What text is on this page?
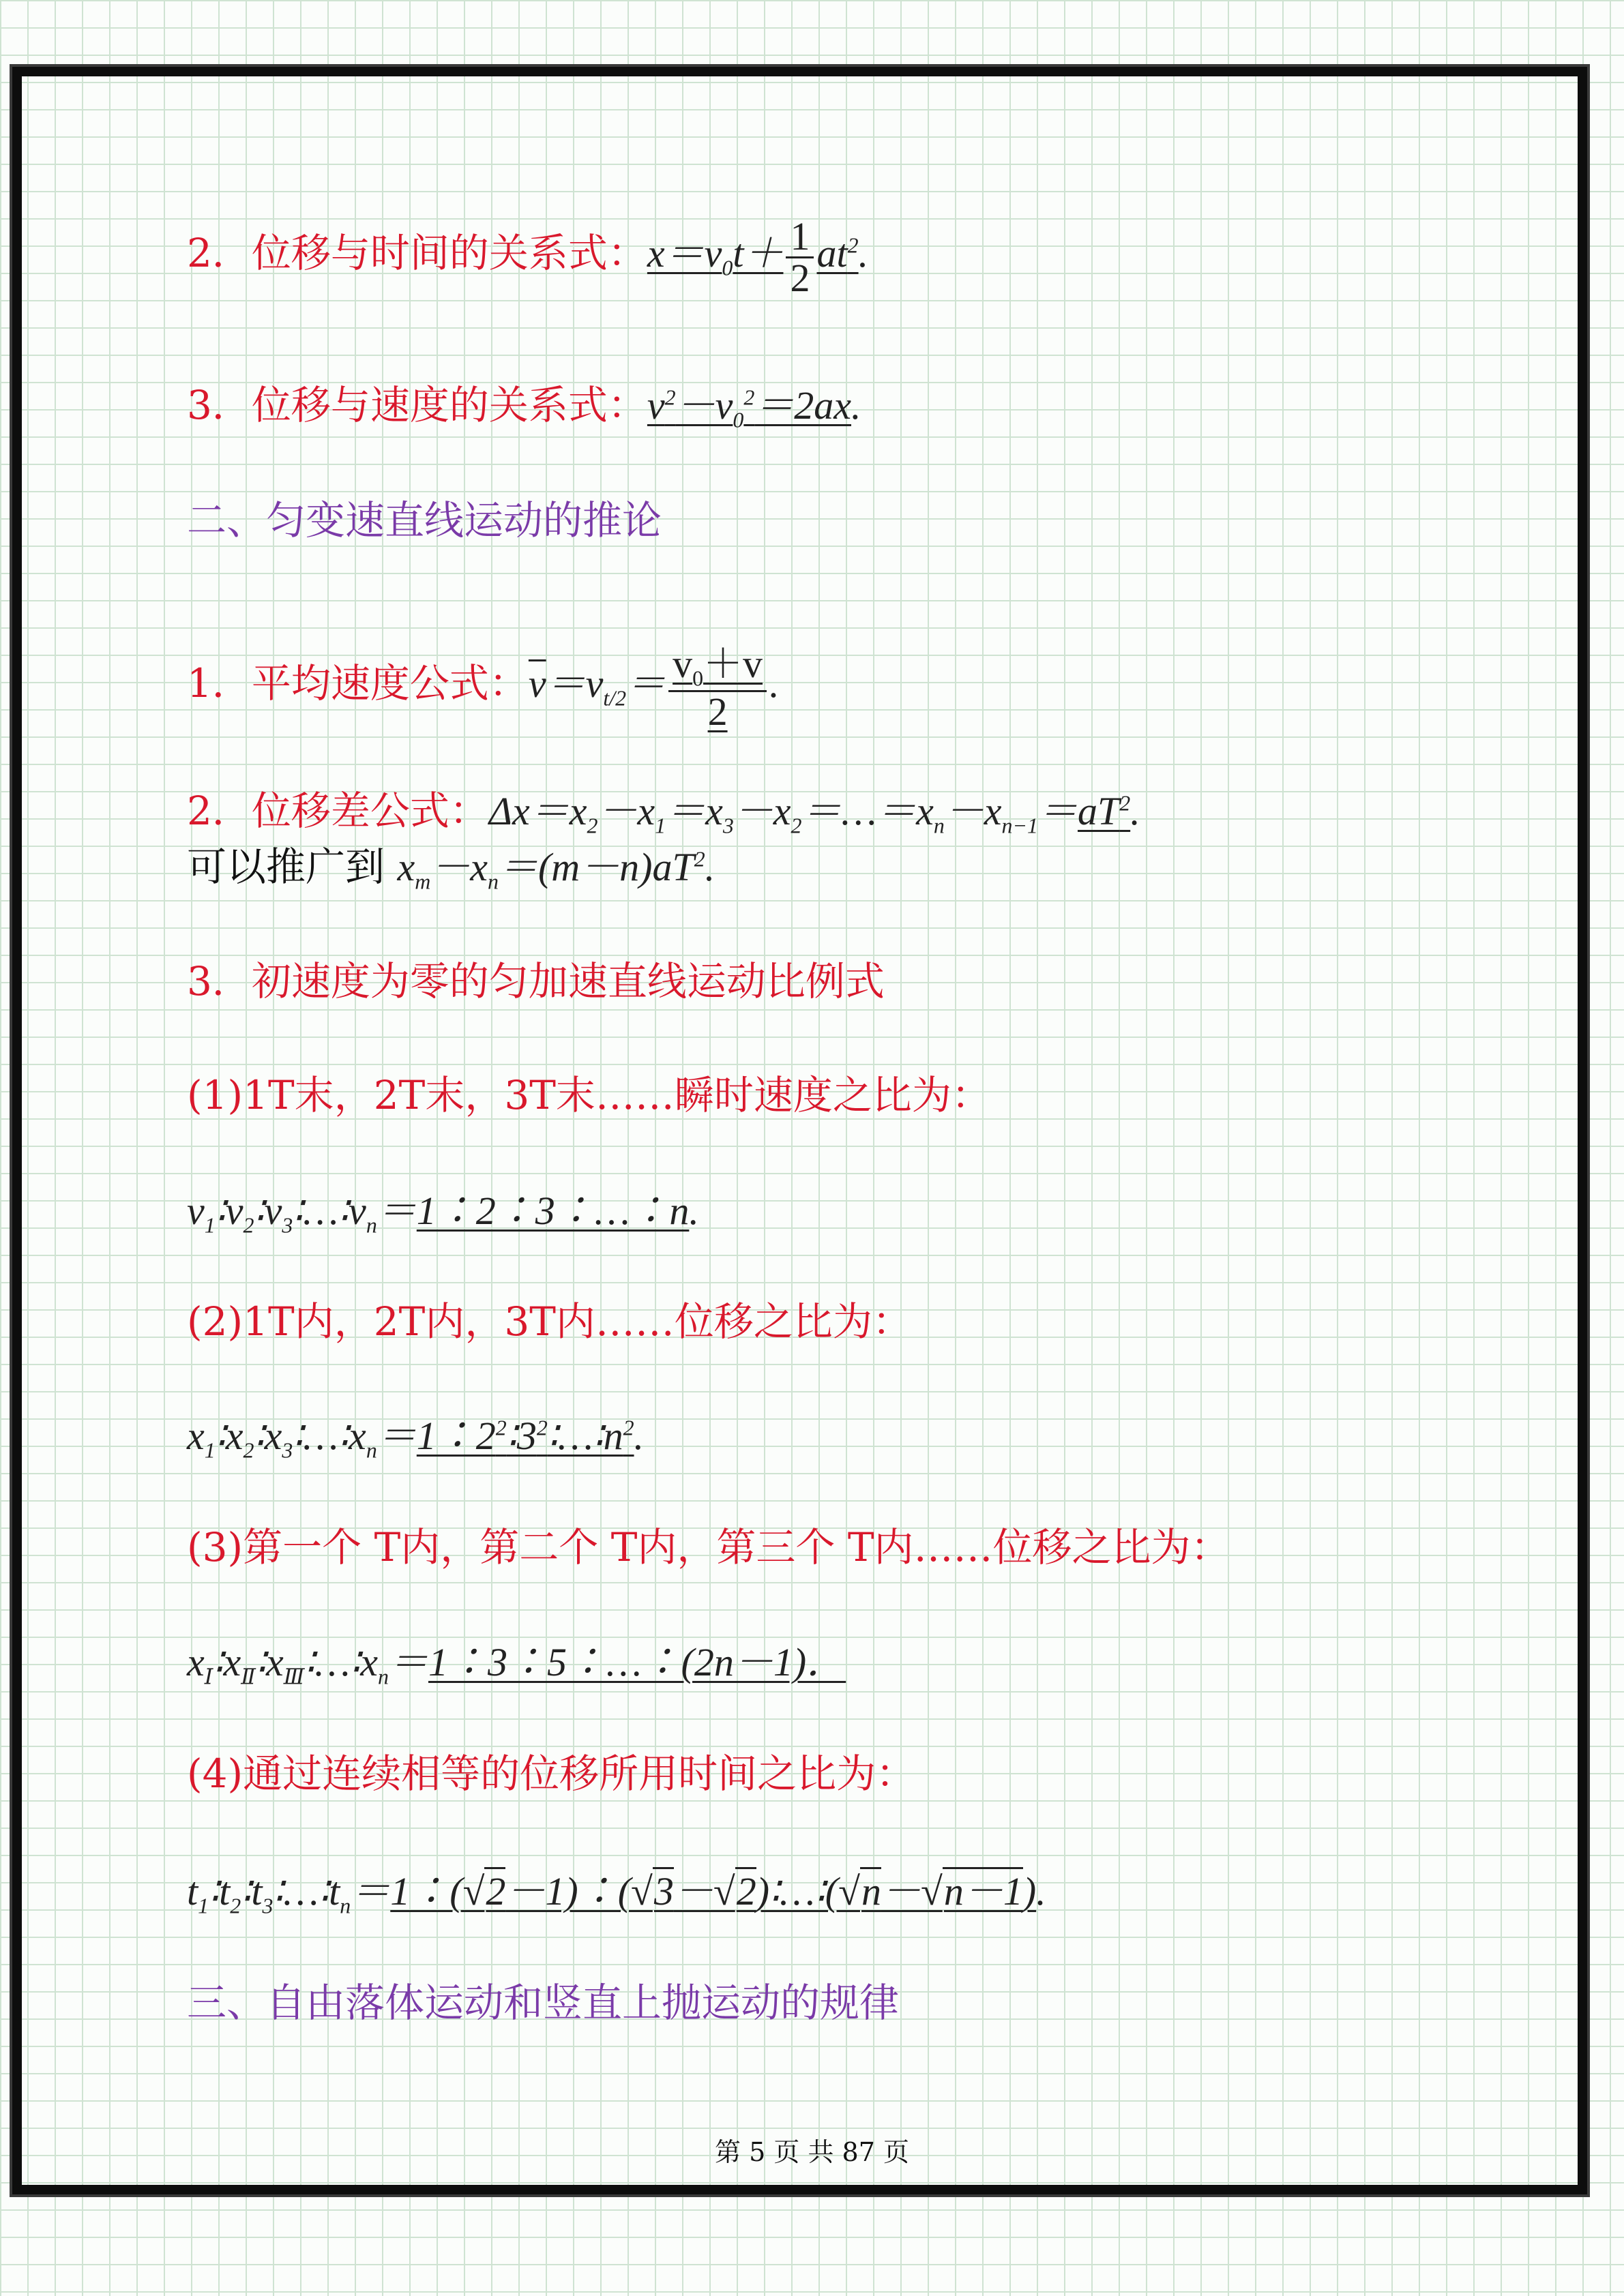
2．位移与时间的关系式：$x=v_0t+ \frac{1}{2} at^2$.

3．位移与速度的关系式：$v^2-v_0^2=2ax$.

二、匀变速直线运动的推论

1．平均速度公式：$\overline{v}=v_{t/2}= \frac{v_0+v}{2}$ .

2．位移差公式：$\Delta x=x_2-x_1=x_3-x_2=\dots=x_n-x_{n-1}=aT^2$.

可以推广到 $x_m-x_n=(m-n)aT^2$.

3．初速度为零的匀加速直线运动比例式

(1)1T末，2T末，3T末……瞬时速度之比为：

$v_1∶v_2∶v_3∶\dots∶v_n=1∶2∶3∶\dots∶n$.

(2)1T内，2T内，3T内……位移之比为：

$x_1∶x_2∶x_3∶\dots∶x_n=1∶2^2∶3^2∶\dots∶n^2$.

(3)第一个 T内，第二个 T内，第三个 T内……位移之比为：

$x_Ⅰ∶x_Ⅱ∶x_Ⅲ∶\dots∶x_n=1∶3∶5∶\dots∶(2n-1)$．

(4)通过连续相等的位移所用时间之比为：

$t_1∶t_2∶t_3∶\dots∶t_n=1∶(√2-1)∶(√3-√2)∶\dots∶(√n-√n-1)$.

三、自由落体运动和竖直上抛运动的规律

第 5 页 共 87 页
